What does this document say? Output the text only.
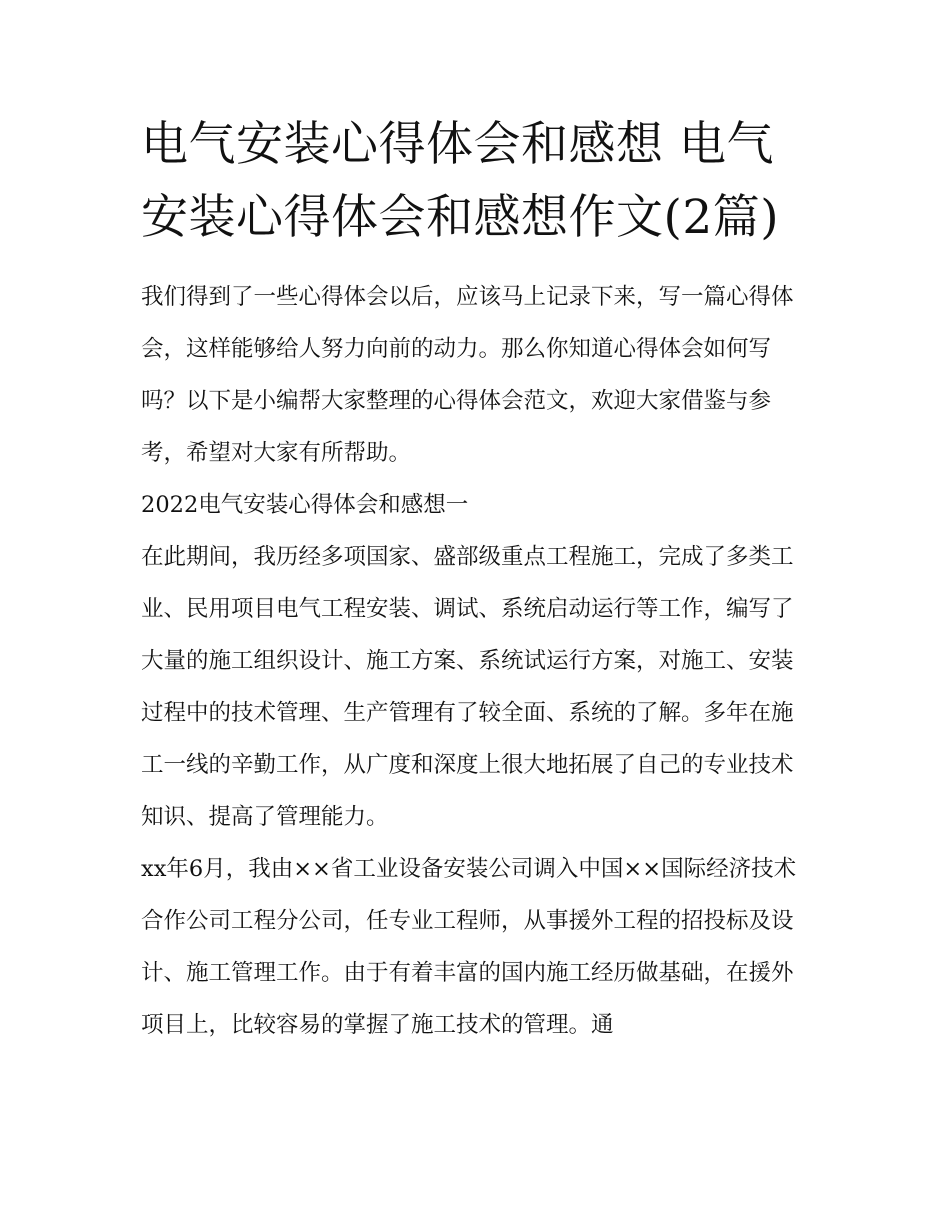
电气安装心得体会和感想 电气安装心得体会和感想作文(2篇)

我们得到了一些心得体会以后，应该马上记录下来，写一篇心得体会，这样能够给人努力向前的动力。那么你知道心得体会如何写吗？以下是小编帮大家整理的心得体会范文，欢迎大家借鉴与参考，希望对大家有所帮助。

2022电气安装心得体会和感想一

在此期间，我历经多项国家、盛部级重点工程施工，完成了多类工业、民用项目电气工程安装、调试、系统启动运行等工作，编写了大量的施工组织设计、施工方案、系统试运行方案，对施工、安装过程中的技术管理、生产管理有了较全面、系统的了解。多年在施工一线的辛勤工作，从广度和深度上很大地拓展了自己的专业技术知识、提高了管理能力。

xx年6月，我由××省工业设备安装公司调入中国××国际经济技术合作公司工程分公司，任专业工程师，从事援外工程的招投标及设计、施工管理工作。由于有着丰富的国内施工经历做基础，在援外项目上，比较容易的掌握了施工技术的管理。通
